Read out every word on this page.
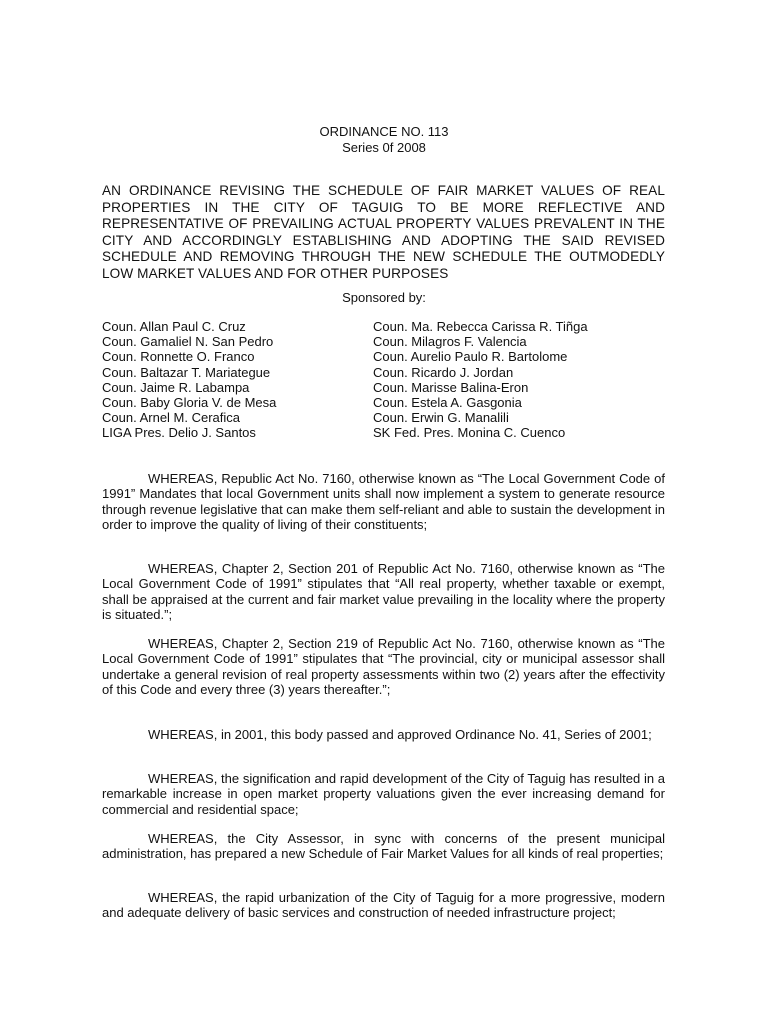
ORDINANCE NO. 113
Series 0f 2008
AN ORDINANCE REVISING THE SCHEDULE OF FAIR MARKET VALUES OF REAL PROPERTIES IN THE CITY OF TAGUIG TO BE MORE REFLECTIVE AND REPRESENTATIVE OF PREVAILING ACTUAL PROPERTY VALUES PREVALENT IN THE CITY AND ACCORDINGLY ESTABLISHING AND ADOPTING THE SAID REVISED SCHEDULE AND REMOVING THROUGH THE NEW SCHEDULE THE OUTMODEDLY LOW MARKET VALUES AND FOR OTHER PURPOSES
Sponsored by:
Coun. Allan Paul C. Cruz
Coun. Gamaliel N. San Pedro
Coun. Ronnette O. Franco
Coun. Baltazar T. Mariategue
Coun. Jaime R. Labampa
Coun. Baby Gloria V. de Mesa
Coun. Arnel M. Cerafica
LIGA Pres. Delio J. Santos
Coun. Ma. Rebecca Carissa R. Tiñga
Coun. Milagros F. Valencia
Coun. Aurelio Paulo R. Bartolome
Coun. Ricardo J. Jordan
Coun. Marisse Balina-Eron
Coun. Estela A. Gasgonia
Coun. Erwin G. Manalili
SK Fed. Pres. Monina C. Cuenco

WHEREAS, Republic Act No. 7160, otherwise known as “The Local Government Code of 1991” Mandates that local Government units shall now implement a system to generate resource through revenue legislative that can make them self-reliant and able to sustain the development in order to improve the quality of living of their constituents;

WHEREAS, Chapter 2, Section 201 of Republic Act No. 7160, otherwise known as “The Local Government Code of 1991” stipulates that “All real property, whether taxable or exempt, shall be appraised at the current and fair market value prevailing in the locality where the property is situated.”;

WHEREAS, Chapter 2, Section 219 of Republic Act No. 7160, otherwise known as “The Local Government Code of 1991” stipulates that “The provincial, city or municipal assessor shall undertake a general revision of real property assessments within two (2) years after the effectivity of this Code and every three (3) years thereafter.”;

WHEREAS, in 2001, this body passed and approved Ordinance No. 41, Series of 2001;

WHEREAS, the signification and rapid development of the City of Taguig has resulted in a remarkable increase in open market property valuations given the ever increasing demand for commercial and residential space;

WHEREAS, the City Assessor, in sync with concerns of the present municipal administration, has prepared a new Schedule of Fair Market Values for all kinds of real properties;

WHEREAS, the rapid urbanization of the City of Taguig for a more progressive, modern and adequate delivery of basic services and construction of needed infrastructure project;
